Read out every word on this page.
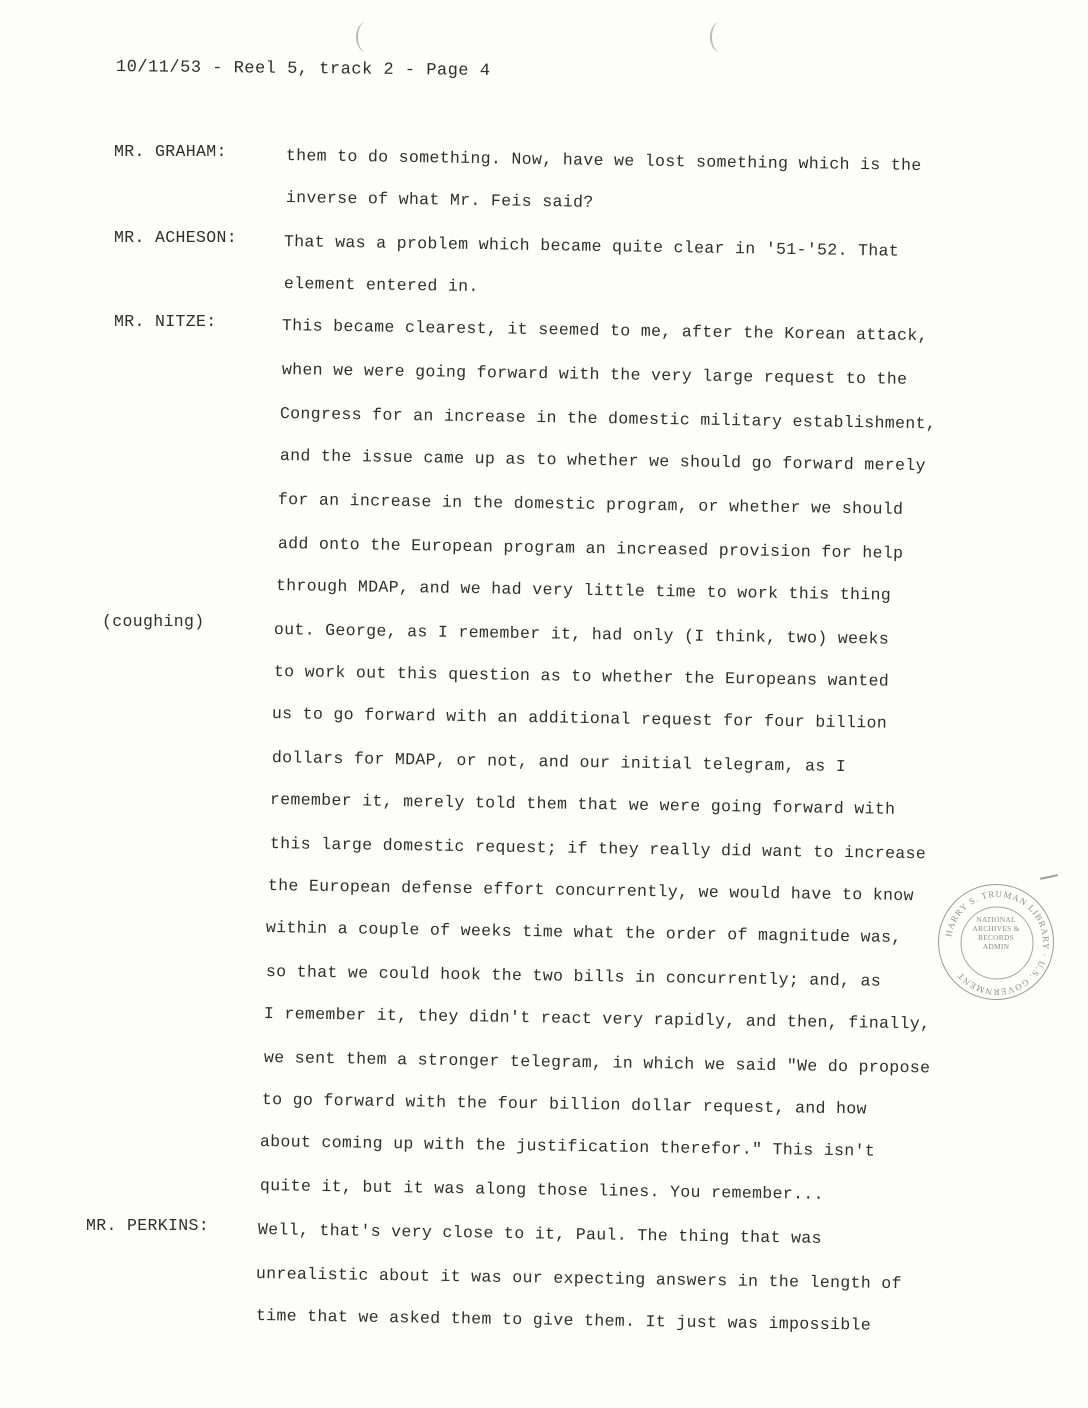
10/11/53 - Reel 5, track 2 - Page 4
MR. GRAHAM:
MR. ACHESON:
MR. NITZE:
MR. PERKINS:
(coughing)
them to do something. Now, have we lost something which is the
inverse of what Mr. Feis said?
That was a problem which became quite clear in '51-'52. That
element entered in.
This became clearest, it seemed to me, after the Korean attack,
when we were going forward with the very large request to the
Congress for an increase in the domestic military establishment,
and the issue came up as to whether we should go forward merely
for an increase in the domestic program, or whether we should
add onto the European program an increased provision for help
through MDAP, and we had very little time to work this thing
out. George, as I remember it, had only (I think, two) weeks
to work out this question as to whether the Europeans wanted
us to go forward with an additional request for four billion
dollars for MDAP, or not, and our initial telegram, as I
remember it, merely told them that we were going forward with
this large domestic request; if they really did want to increase
the European defense effort concurrently, we would have to know
within a couple of weeks time what the order of magnitude was,
so that we could hook the two bills in concurrently; and, as
I remember it, they didn't react very rapidly, and then, finally,
we sent them a stronger telegram, in which we said "We do propose
to go forward with the four billion dollar request, and how
about coming up with the justification therefor." This isn't
quite it, but it was along those lines. You remember...
Well, that's very close to it, Paul. The thing that was
unrealistic about it was our expecting answers in the length of
time that we asked them to give them. It just was impossible
HARRY S. TRUMAN LIBRARY · U.S. GOVERNMENT
NATIONAL
ARCHIVES &
RECORDS
ADMIN
